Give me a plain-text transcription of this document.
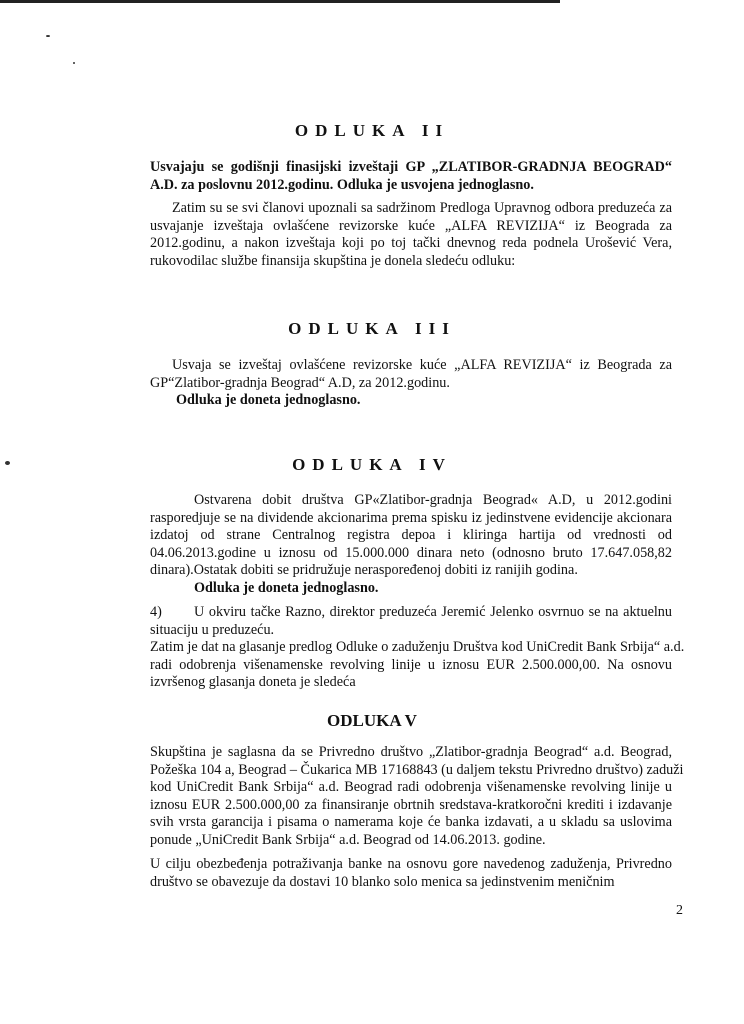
ODLUKA II
Usvajaju se godišnji finasijski izveštaji GP „ZLATIBOR-GRADNJA BEOGRAD“
A.D. za poslovnu 2012.godinu. Odluka je usvojena jednoglasno.
Zatim su se svi članovi upoznali sa sadržinom Predloga Upravnog odbora preduzeća za
usvajanje izveštaja ovlašćene revizorske kuće „ALFA REVIZIJA“ iz Beograda za
2012.godinu, a nakon izveštaja koji po toj tački dnevnog reda podnela Urošević Vera,
rukovodilac službe finansija skupština je donela sledeću odluku:
ODLUKA III
Usvaja se izveštaj ovlašćene revizorske kuće „ALFA REVIZIJA“ iz Beograda za
GP“Zlatibor-gradnja Beograd“ A.D, za 2012.godinu.
Odluka je doneta jednoglasno.
ODLUKA IV
Ostvarena dobit društva GP«Zlatibor-gradnja Beograd« A.D, u 2012.godini
rasporedjuje se na dividende akcionarima prema spisku iz jedinstvene evidencije akcionara
izdatoj od strane Centralnog registra depoa i kliringa hartija od vrednosti od
04.06.2013.godine u iznosu od 15.000.000 dinara neto (odnosno bruto 17.647.058,82
dinara).Ostatak dobiti se pridružuje neraspoređenoj dobiti iz ranijih godina.
Odluka je doneta jednoglasno.
4) U okviru tačke Razno, direktor preduzeća Jeremić Jelenko osvrnuo se na aktuelnu
situaciju u preduzeću.
Zatim je dat na glasanje predlog Odluke o zaduženju Društva kod UniCredit Bank Srbija“ a.d.
radi odobrenja višenamenske revolving linije u iznosu EUR 2.500.000,00. Na osnovu
izvršenog glasanja doneta je sledeća
ODLUKA V
Skupština je saglasna da se Privredno društvo „Zlatibor-gradnja Beograd“ a.d. Beograd,
Požeška 104 a, Beograd – Čukarica MB 17168843 (u daljem tekstu Privredno društvo) zaduži
kod UniCredit Bank Srbija“ a.d. Beograd radi odobrenja višenamenske revolving linije u
iznosu EUR 2.500.000,00 za finansiranje obrtnih sredstava-kratkoročni krediti i izdavanje
svih vrsta garancija i pisama o namerama koje će banka izdavati, a u skladu sa uslovima
ponude „UniCredit Bank Srbija“ a.d. Beograd od 14.06.2013. godine.
U cilju obezbeđenja potraživanja banke na osnovu gore navedenog zaduženja, Privredno
društvo se obavezuje da dostavi 10 blanko solo menica sa jedinstvenim meničnim
2
